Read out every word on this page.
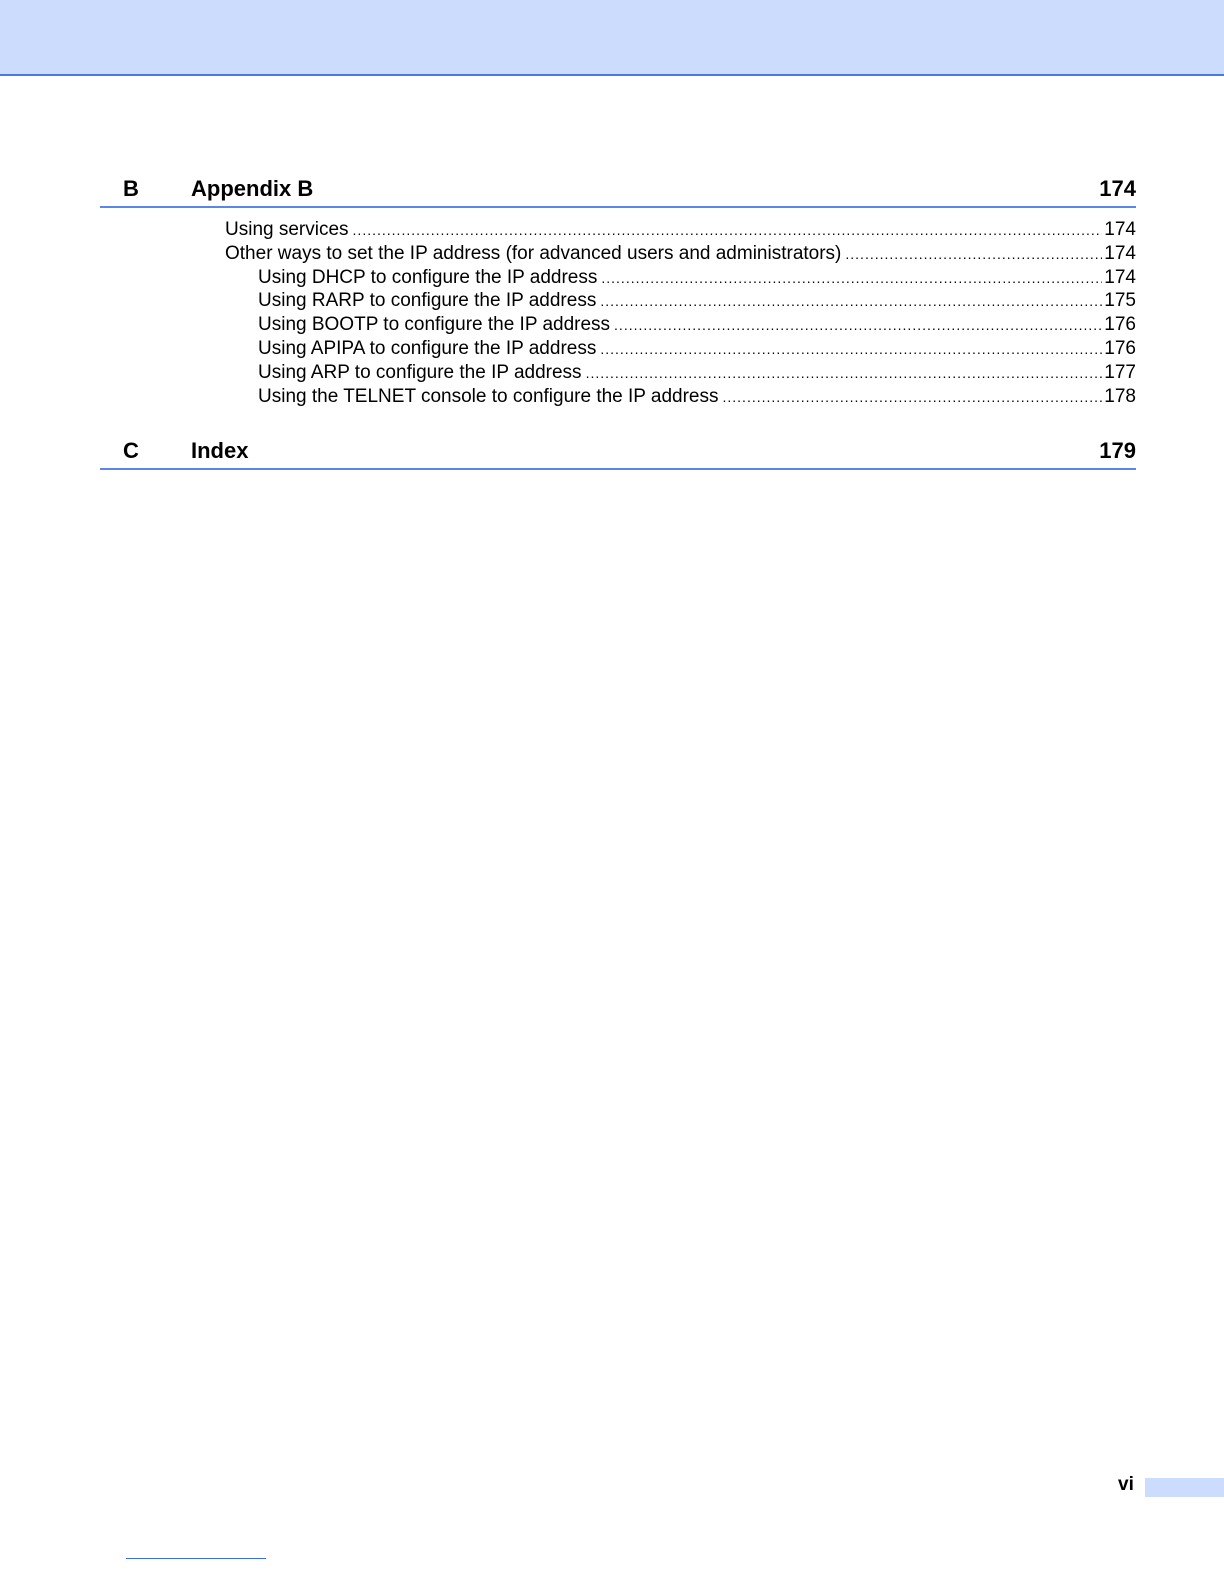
B Appendix B	174
Using services .....	174
Other ways to set the IP address (for advanced users and administrators) .....	174
Using DHCP to configure the IP address .....	174
Using RARP to configure the IP address .....	175
Using BOOTP to configure the IP address .....	176
Using APIPA to configure the IP address .....	176
Using ARP to configure the IP address .....	177
Using the TELNET console to configure the IP address .....	178
C Index	179
vi
